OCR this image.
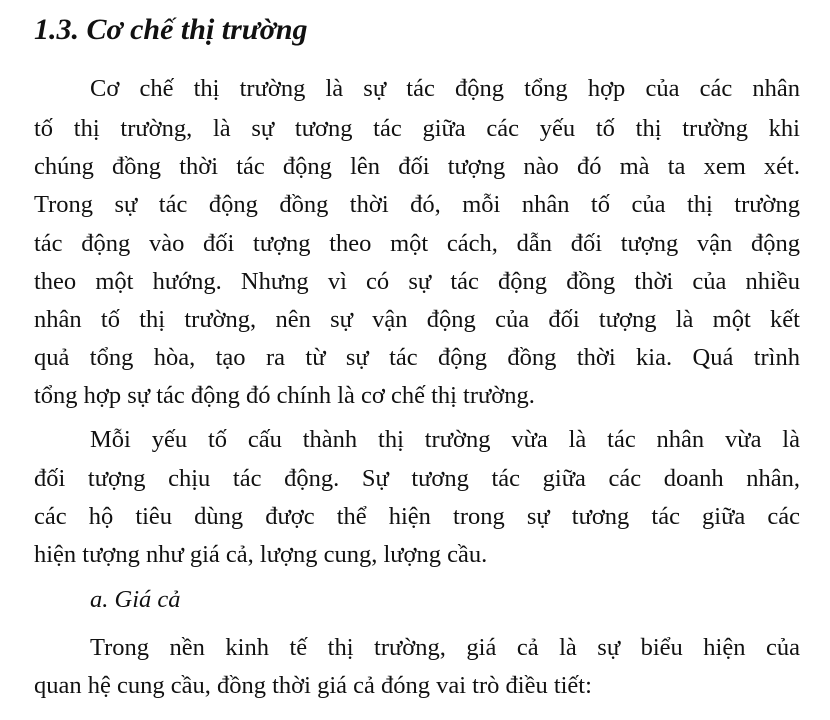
1.3. Cơ chế thị trường
Cơ chế thị trường là sự tác động tổng hợp của các nhân
tố thị trường, là sự tương tác giữa các yếu tố thị trường khi
chúng đồng thời tác động lên đối tượng nào đó mà ta xem xét.
Trong sự tác động đồng thời đó, mỗi nhân tố của thị trường
tác động vào đối tượng theo một cách, dẫn đối tượng vận động
theo một hướng. Nhưng vì có sự tác động đồng thời của nhiều
nhân tố thị trường, nên sự vận động của đối tượng là một kết
quả tổng hòa, tạo ra từ sự tác động đồng thời kia. Quá trình
tổng hợp sự tác động đó chính là cơ chế thị trường.
Mỗi yếu tố cấu thành thị trường vừa là tác nhân vừa là
đối tượng chịu tác động. Sự tương tác giữa các doanh nhân,
các hộ tiêu dùng được thể hiện trong sự tương tác giữa các
hiện tượng như giá cả, lượng cung, lượng cầu.
a. Giá cả
Trong nền kinh tế thị trường, giá cả là sự biểu hiện của
quan hệ cung cầu, đồng thời giá cả đóng vai trò điều tiết:
